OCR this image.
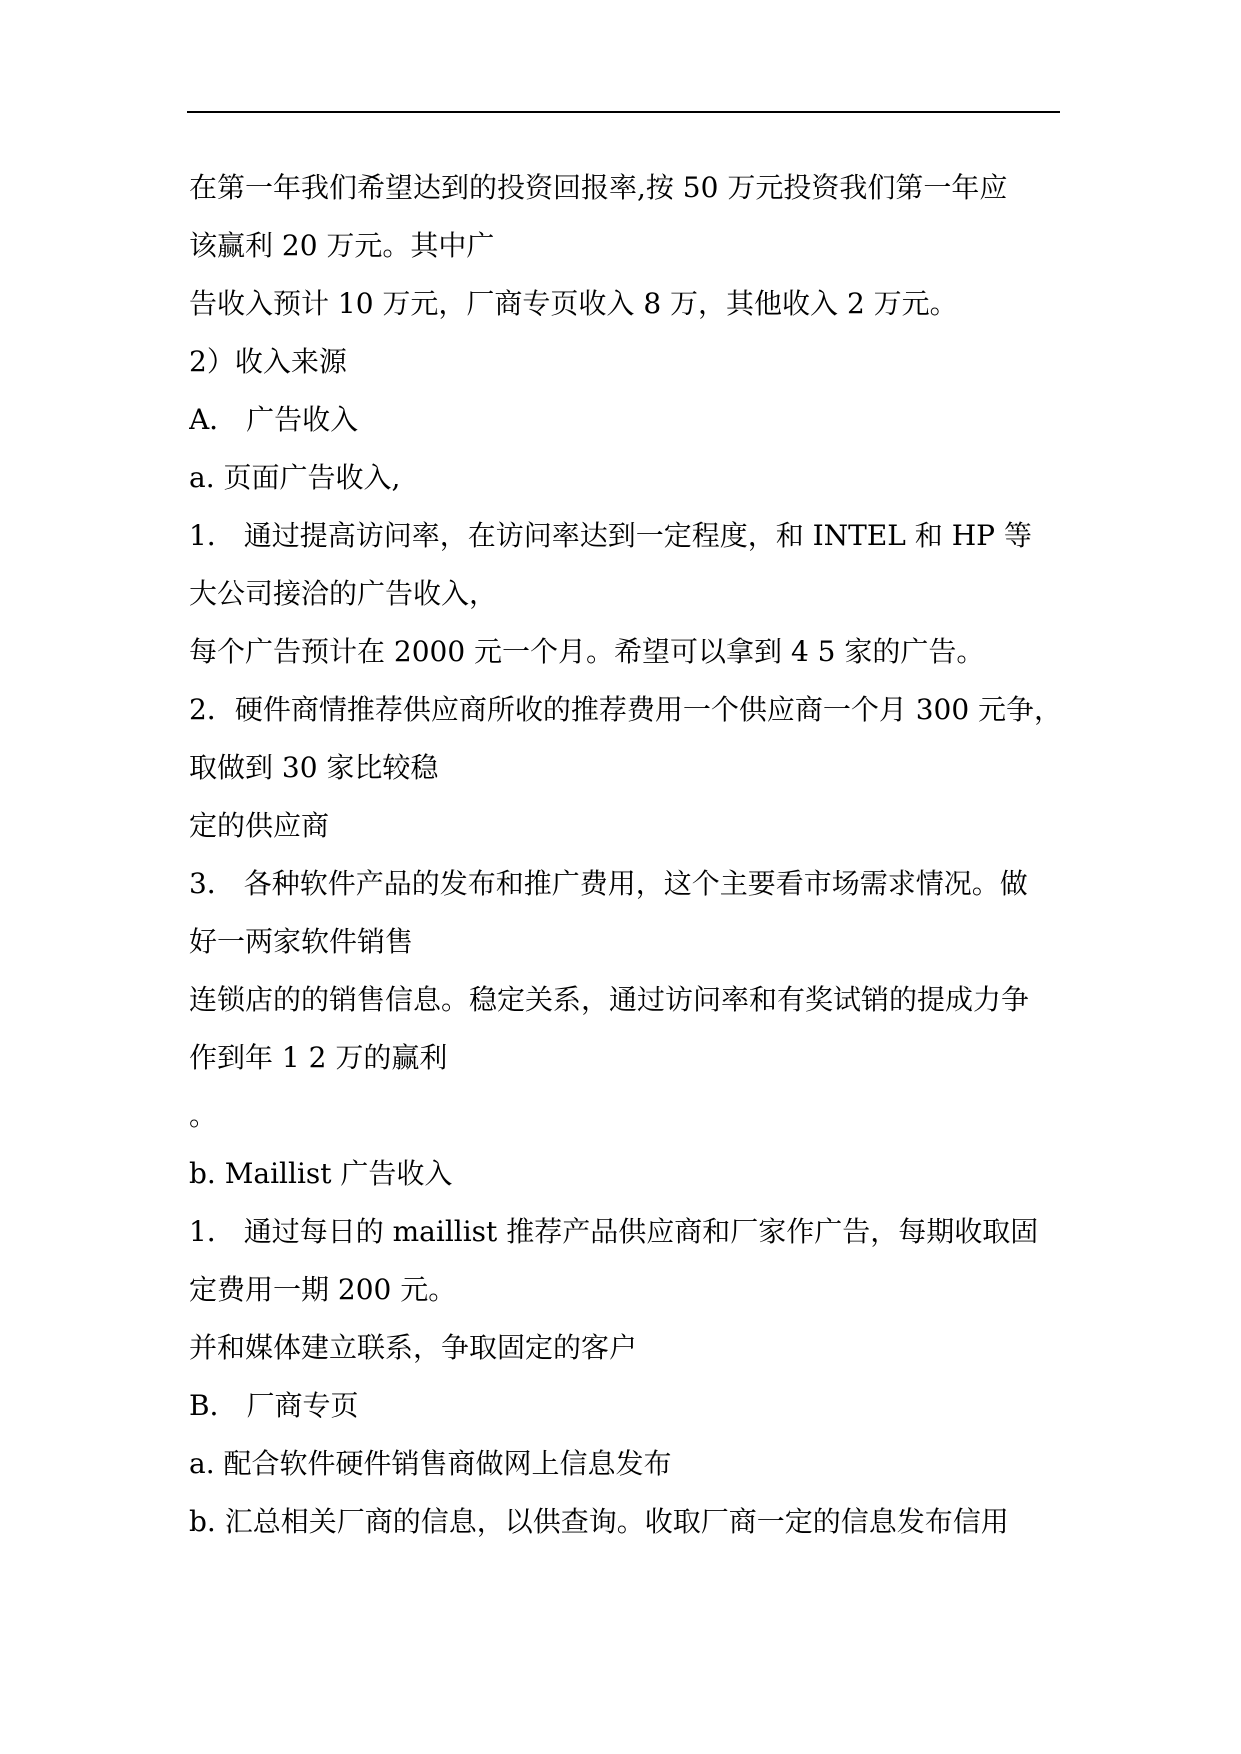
在第一年我们希望达到的投资回报率,按 50 万元投资我们第一年应
该赢利 20 万元。其中广
告收入预计 10 万元，厂商专页收入 8 万，其他收入 2 万元。
2）收入来源
A． 广告收入
a. 页面广告收入,
1． 通过提高访问率，在访问率达到一定程度，和 INTEL 和 HP 等
大公司接洽的广告收入，
每个广告预计在 2000 元一个月。希望可以拿到 4 5 家的广告。
2．硬件商情推荐供应商所收的推荐费用一个供应商一个月 300 元争，
取做到 30 家比较稳
定的供应商
3． 各种软件产品的发布和推广费用，这个主要看市场需求情况。做
好一两家软件销售
连锁店的的销售信息。稳定关系，通过访问率和有奖试销的提成力争
作到年 1 2 万的赢利
。
b. Maillist 广告收入
1． 通过每日的 maillist 推荐产品供应商和厂家作广告，每期收取固
定费用一期 200 元。
并和媒体建立联系，争取固定的客户
B． 厂商专页
a. 配合软件硬件销售商做网上信息发布
b. 汇总相关厂商的信息，以供查询。收取厂商一定的信息发布信用
